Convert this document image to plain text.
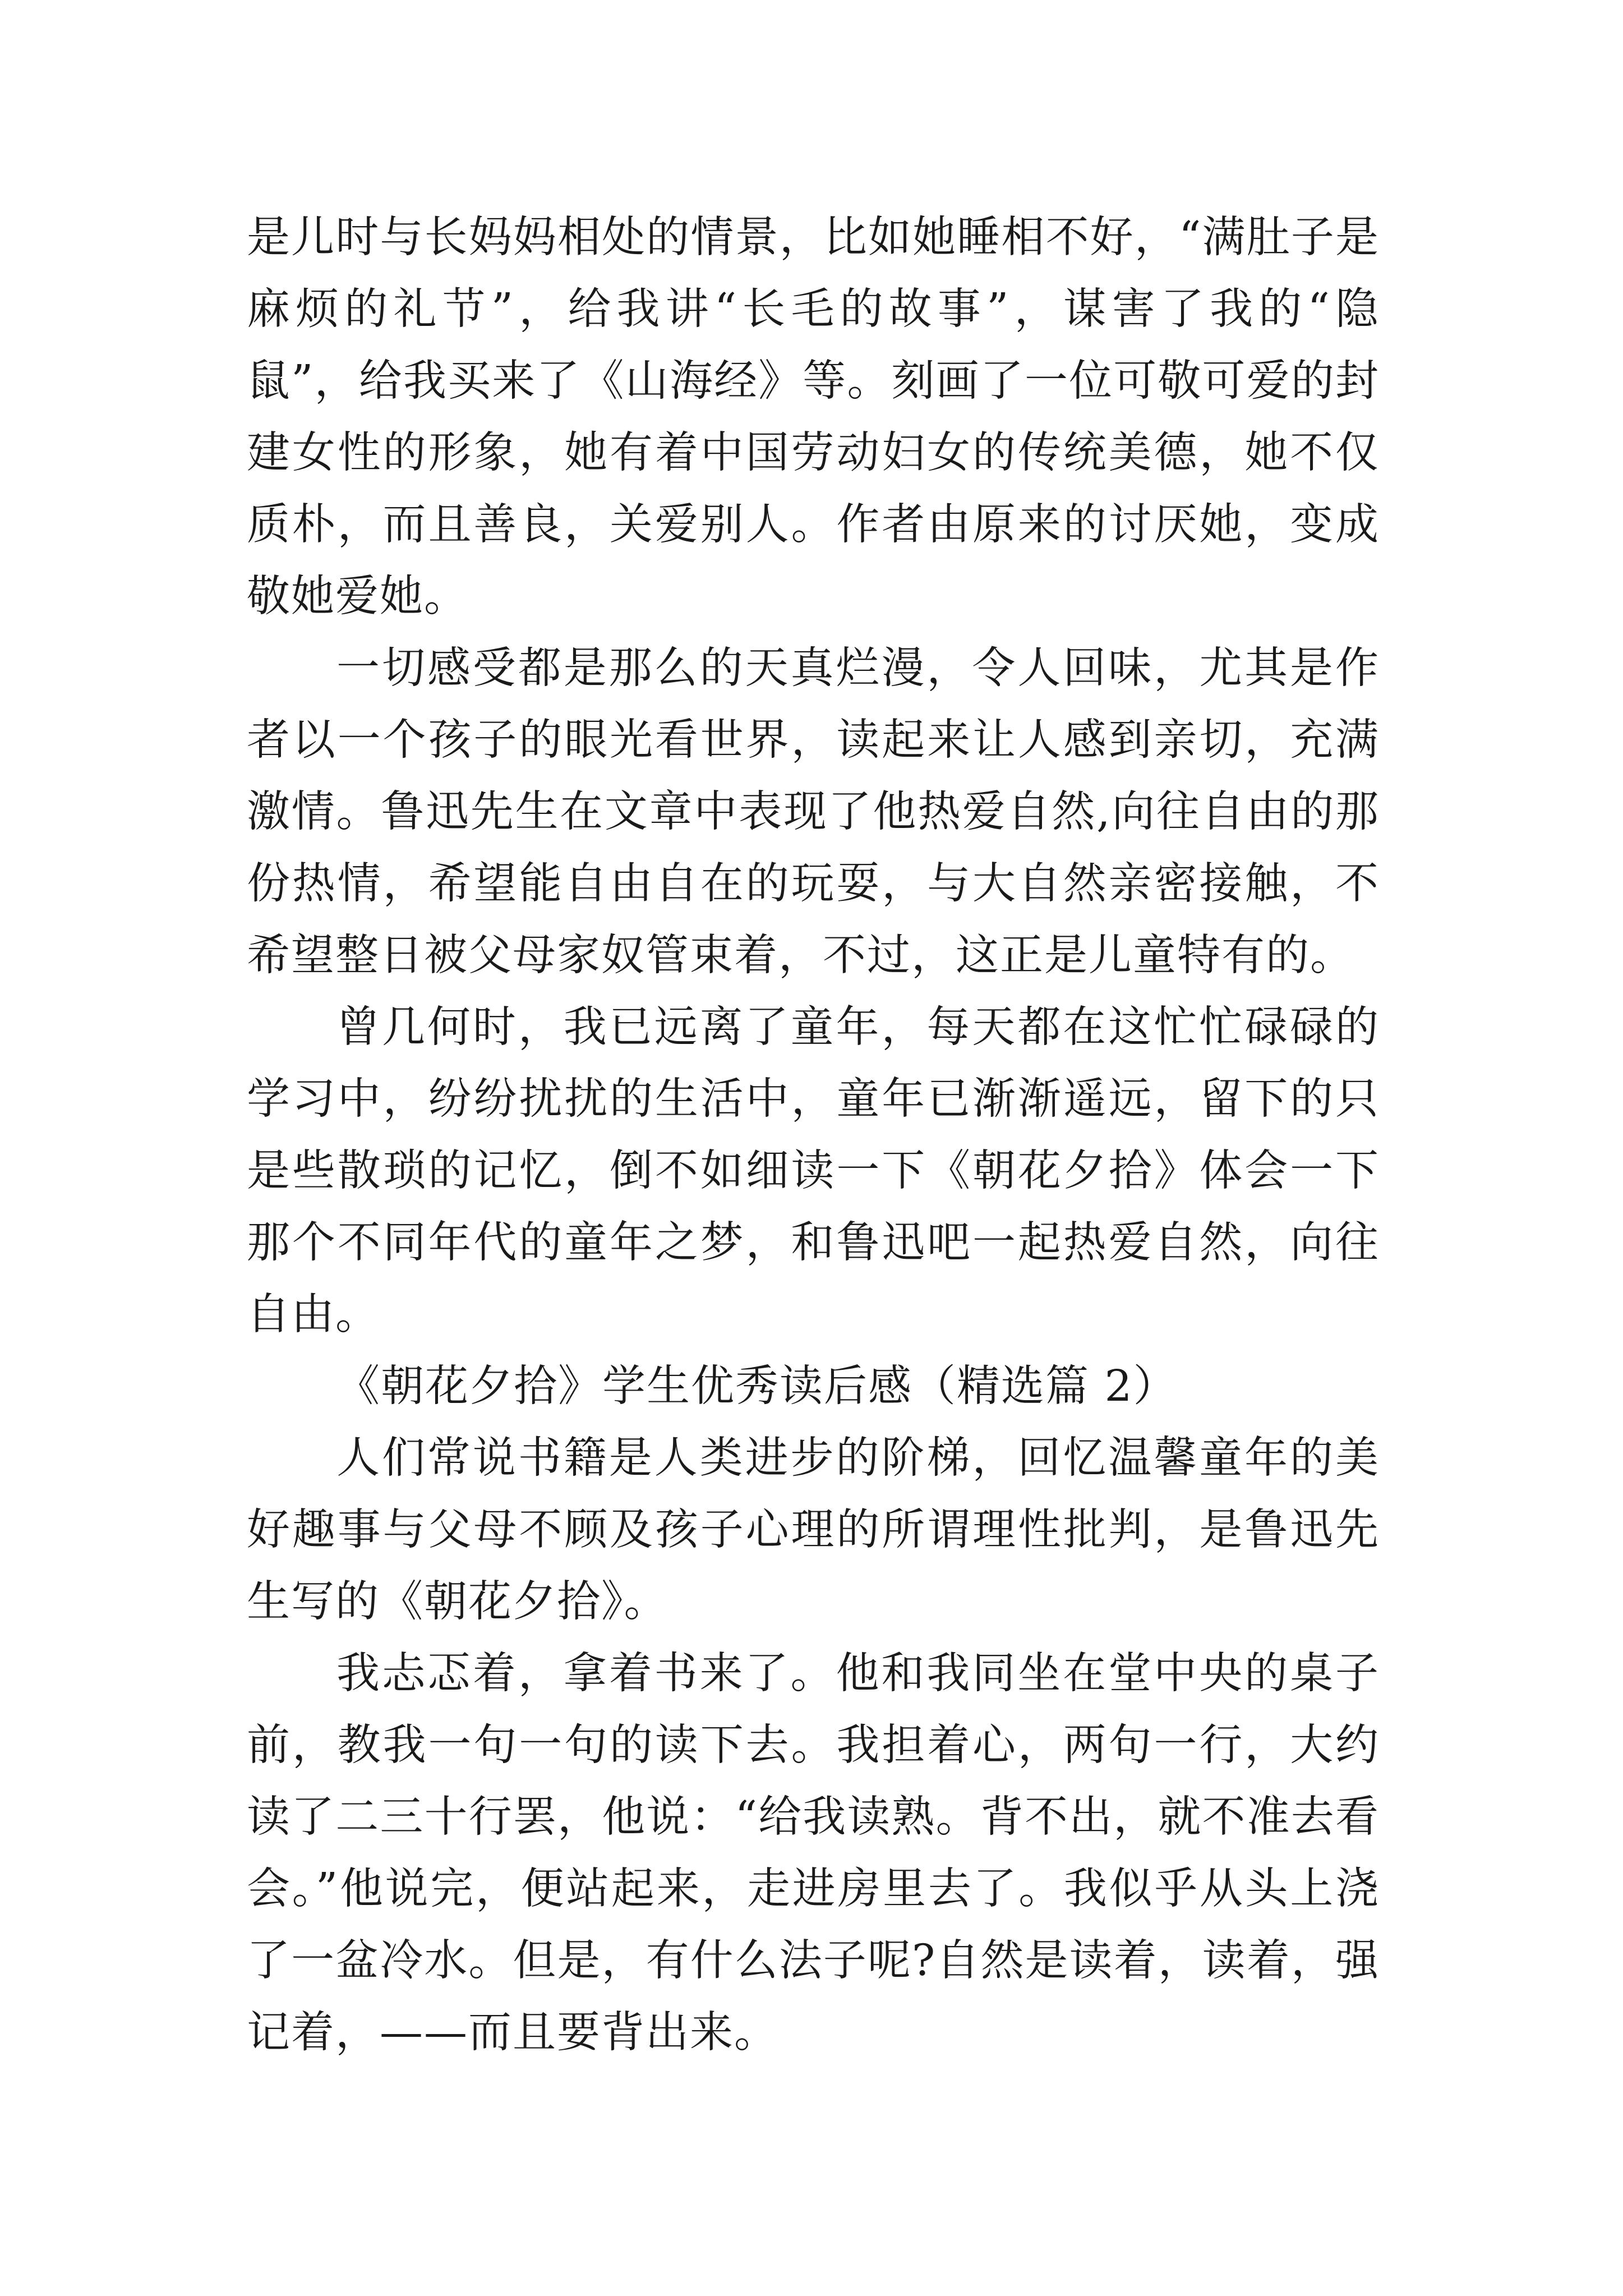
是儿时与长妈妈相处的情景，比如她睡相不好，“满肚子是麻烦的礼节”，给我讲“长毛的故事”，谋害了我的“隐鼠”，给我买来了《山海经》等。刻画了一位可敬可爱的封建女性的形象，她有着中国劳动妇女的传统美德，她不仅质朴，而且善良，关爱别人。作者由原来的讨厌她，变成敬她爱她。

一切感受都是那么的天真烂漫，令人回味，尤其是作者以一个孩子的眼光看世界，读起来让人感到亲切，充满激情。鲁迅先生在文章中表现了他热爱自然,向往自由的那份热情，希望能自由自在的玩耍，与大自然亲密接触，不希望整日被父母家奴管束着，不过，这正是儿童特有的。

曾几何时，我已远离了童年，每天都在这忙忙碌碌的学习中，纷纷扰扰的生活中，童年已渐渐遥远，留下的只是些散琐的记忆，倒不如细读一下《朝花夕拾》体会一下那个不同年代的童年之梦，和鲁迅吧一起热爱自然，向往自由。

《朝花夕拾》学生优秀读后感（精选篇 2）

人们常说书籍是人类进步的阶梯，回忆温馨童年的美好趣事与父母不顾及孩子心理的所谓理性批判，是鲁迅先生写的《朝花夕拾》。

我忐忑着，拿着书来了。他和我同坐在堂中央的桌子前，教我一句一句的读下去。我担着心，两句一行，大约读了二三十行罢，他说：“给我读熟。背不出，就不准去看会。”他说完，便站起来，走进房里去了。我似乎从头上浇了一盆冷水。但是，有什么法子呢?自然是读着，读着，强记着，——而且要背出来。
